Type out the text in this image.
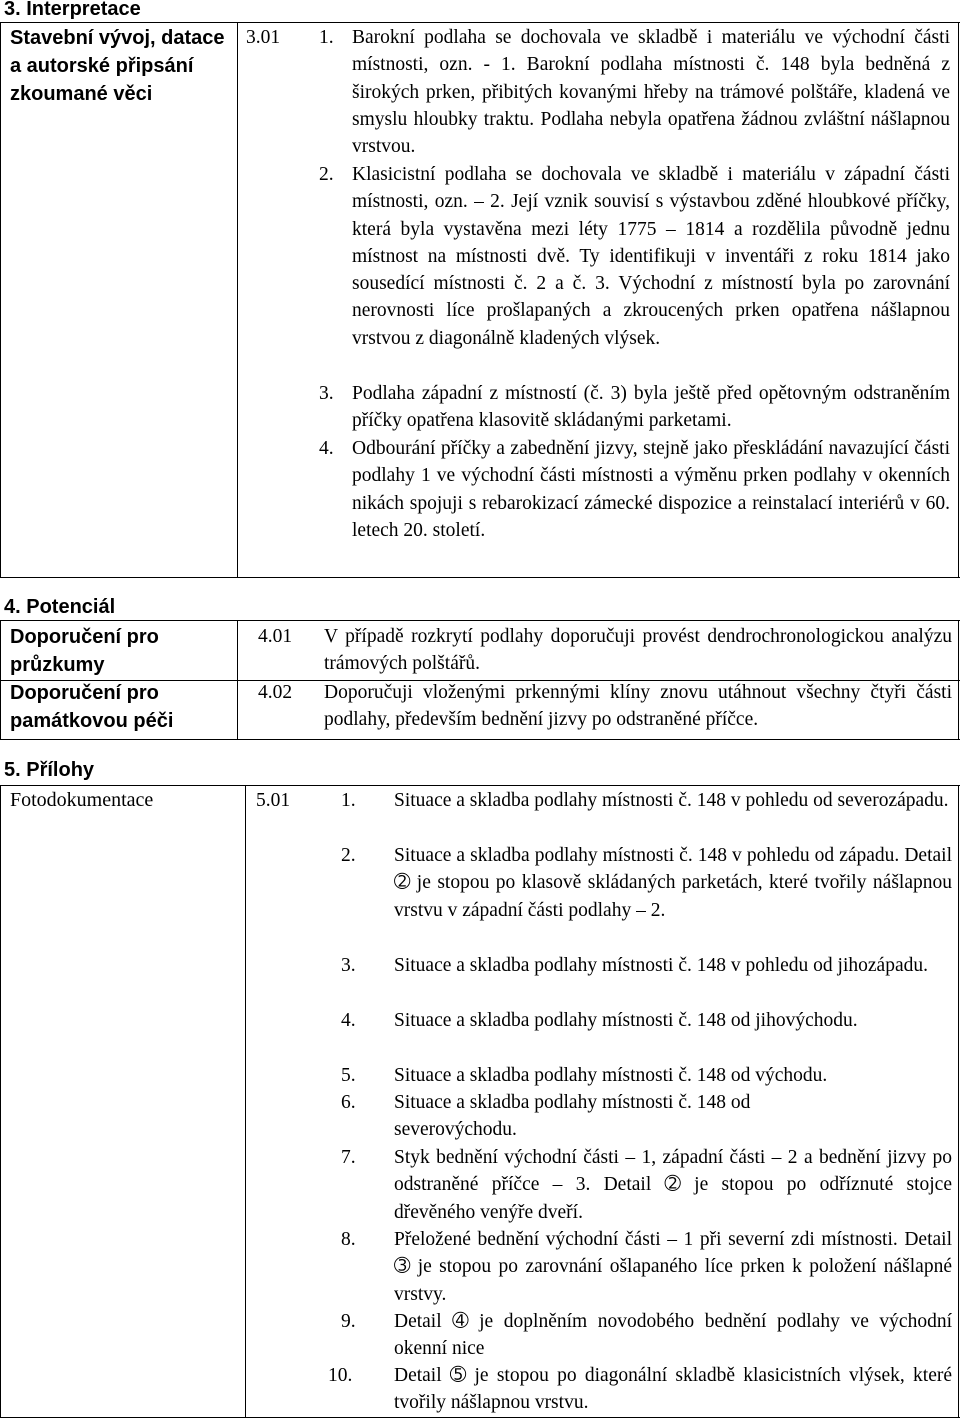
3. Interpretace
Stavební vývoj, datace a autorské připsání zkoumané věci
3.01 1. Barokní podlaha se dochovala ve skladbě i materiálu ve východní části místnosti, ozn. - 1. Barokní podlaha místnosti č. 148 byla bedněná z širokých prken, přibitých kovanými hřeby na trámové polštáře, kladená ve smyslu hloubky traktu. Podlaha nebyla opatřena žádnou zvláštní nášlapnou vrstvou.
2. Klasicistní podlaha se dochovala ve skladbě i materiálu v západní části místnosti, ozn. – 2. Její vznik souvisí s výstavbou zděné hloubkové příčky, která byla vystavěna mezi léty 1775 – 1814 a rozdělila původně jednu místnost na místnosti dvě. Ty identifikuji v inventáři z roku 1814 jako sousedící místnosti č. 2 a č. 3. Východní z místností byla po zarovnání nerovnosti líce prošlapaných a zkroucených prken opatřena nášlapnou vrstvou z diagonálně kladených vlýsek.
3. Podlaha západní z místností (č. 3) byla ještě před opětovným odstraněním příčky opatřena klasovitě skládanými parketami.
4. Odbourání příčky a zabednění jizvy, stejně jako přeskládání navazující části podlahy 1 ve východní části místnosti a výměnu prken podlahy v okenních nikách spojuji s rebarokizací zámecké dispozice a reinstalací interiérů v 60. letech 20. století.
4. Potenciál
Doporučení pro průzkumy
4.01 V případě rozkrytí podlahy doporučuji provést dendrochronologickou analýzu trámových polštářů.
Doporučení pro památkovou péči
4.02 Doporučuji vloženými prkennými klíny znovu utáhnout všechny čtyři části podlahy, především bednění jizvy po odstraněné příčce.
5. Přílohy
Fotodokumentace	5.01	1. Situace a skladba podlahy místnosti č. 148 v pohledu od severozápadu.
2. Situace a skladba podlahy místnosti č. 148 v pohledu od západu. Detail ➁ je stopou po klasově skládaných parketách, které tvořily nášlapnou vrstvu v západní části podlahy – 2.
3. Situace a skladba podlahy místnosti č. 148 v pohledu od jihozápadu.
4. Situace a skladba podlahy místnosti č. 148 od jihovýchodu.
5. Situace a skladba podlahy místnosti č. 148 od východu.
6. Situace a skladba podlahy místnosti č. 148 od severovýchodu.
7. Styk bednění východní části – 1, západní části – 2 a bednění jizvy po odstraněné příčce – 3. Detail ➁ je stopou po odříznuté stojce dřevěného venýře dveří.
8. Přeložené bednění východní části – 1 při severní zdi místnosti. Detail ➂ je stopou po zarovnání ošlapaného líce prken k položení nášlapné vrstvy.
9. Detail ➃ je doplněním novodobého bednění podlahy ve východní okenní nice
10. Detail ➄ je stopou po diagonální skladbě klasicistních vlýsek, které tvořily nášlapnou vrstvu.
